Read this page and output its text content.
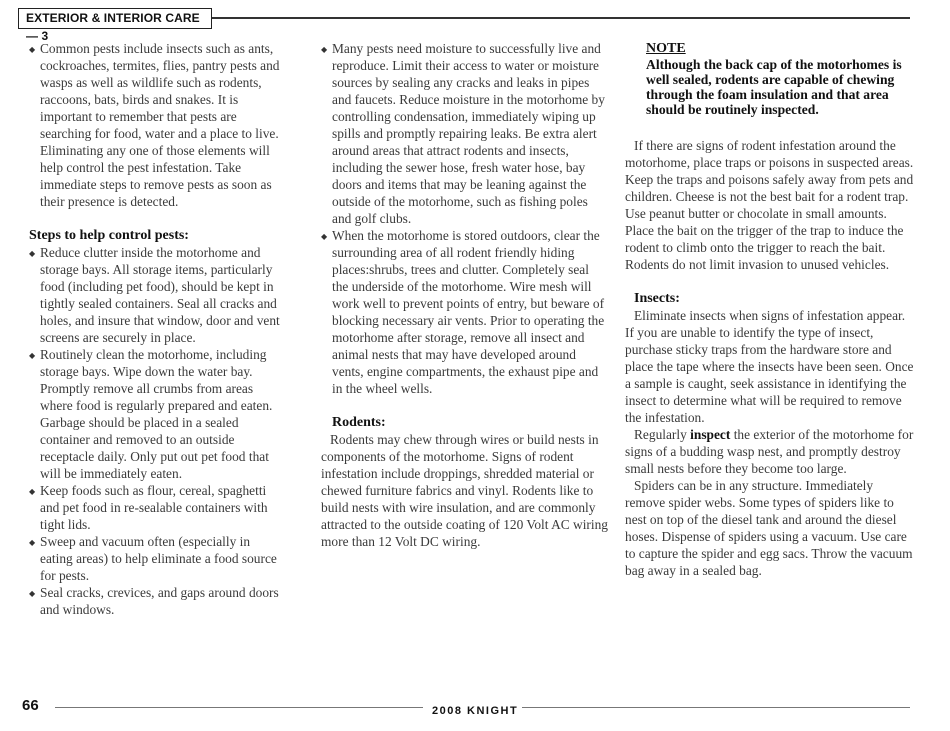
EXTERIOR & INTERIOR CARE — 3
◆ Common pests include insects such as ants, cockroaches, termites, flies, pantry pests and wasps as well as wildlife such as rodents, raccoons, bats, birds and snakes. It is important to remember that pests are searching for food, water and a place to live. Eliminating any one of those elements will help control the pest infestation. Take immediate steps to remove pests as soon as their presence is detected.
Steps to help control pests:
◆ Reduce clutter inside the motorhome and storage bays. All storage items, particularly food (including pet food), should be kept in tightly sealed containers. Seal all cracks and holes, and insure that window, door and vent screens are securely in place.
◆ Routinely clean the motorhome, including storage bays. Wipe down the water bay. Promptly remove all crumbs from areas where food is regularly prepared and eaten. Garbage should be placed in a sealed container and removed to an outside receptacle daily. Only put out pet food that will be immediately eaten.
◆ Keep foods such as flour, cereal, spaghetti and pet food in re-sealable containers with tight lids.
◆ Sweep and vacuum often (especially in eating areas) to help eliminate a food source for pests.
◆ Seal cracks, crevices, and gaps around doors and windows.
◆ Many pests need moisture to successfully live and reproduce. Limit their access to water or moisture sources by sealing any cracks and leaks in pipes and faucets. Reduce moisture in the motorhome by controlling condensation, immediately wiping up spills and promptly repairing leaks. Be extra alert around areas that attract rodents and insects, including the sewer hose, fresh water hose, bay doors and items that may be leaning against the outside of the motorhome, such as fishing poles and golf clubs.
◆ When the motorhome is stored outdoors, clear the surrounding area of all rodent friendly hiding places:shrubs, trees and clutter. Completely seal the underside of the motorhome. Wire mesh will work well to prevent points of entry, but beware of blocking necessary air vents. Prior to operating the motorhome after storage, remove all insect and animal nests that may have developed around vents, engine compartments, the exhaust pipe and in the wheel wells.
Rodents:

Rodents may chew through wires or build nests in components of the motorhome. Signs of rodent infestation include droppings, shredded material or chewed furniture fabrics and vinyl. Rodents like to build nests with wire insulation, and are commonly attracted to the outside coating of 120 Volt AC wiring more than 12 Volt DC wiring.

NOTE
Although the back cap of the motorhomes is well sealed, rodents are capable of chewing through the foam insulation and that area should be routinely inspected.

If there are signs of rodent infestation around the motorhome, place traps or poisons in suspected areas. Keep the traps and poisons safely away from pets and children. Cheese is not the best bait for a rodent trap. Use peanut butter or chocolate in small amounts. Place the bait on the trigger of the trap to induce the rodent to climb onto the trigger to reach the bait. Rodents do not limit invasion to unused vehicles.

Insects:

Eliminate insects when signs of infestation appear. If you are unable to identify the type of insect, purchase sticky traps from the hardware store and place the tape where the insects have been seen. Once a sample is caught, seek assistance in identifying the insect to determine what will be required to remove the infestation.

Regularly inspect the exterior of the motorhome for signs of a budding wasp nest, and promptly destroy small nests before they become too large.

Spiders can be in any structure. Immediately remove spider webs. Some types of spiders like to nest on top of the diesel tank and around the diesel hoses. Dispense of spiders using a vacuum. Use care to capture the spider and egg sacs. Throw the vacuum bag away in a sealed bag.

66	2008 KNIGHT
